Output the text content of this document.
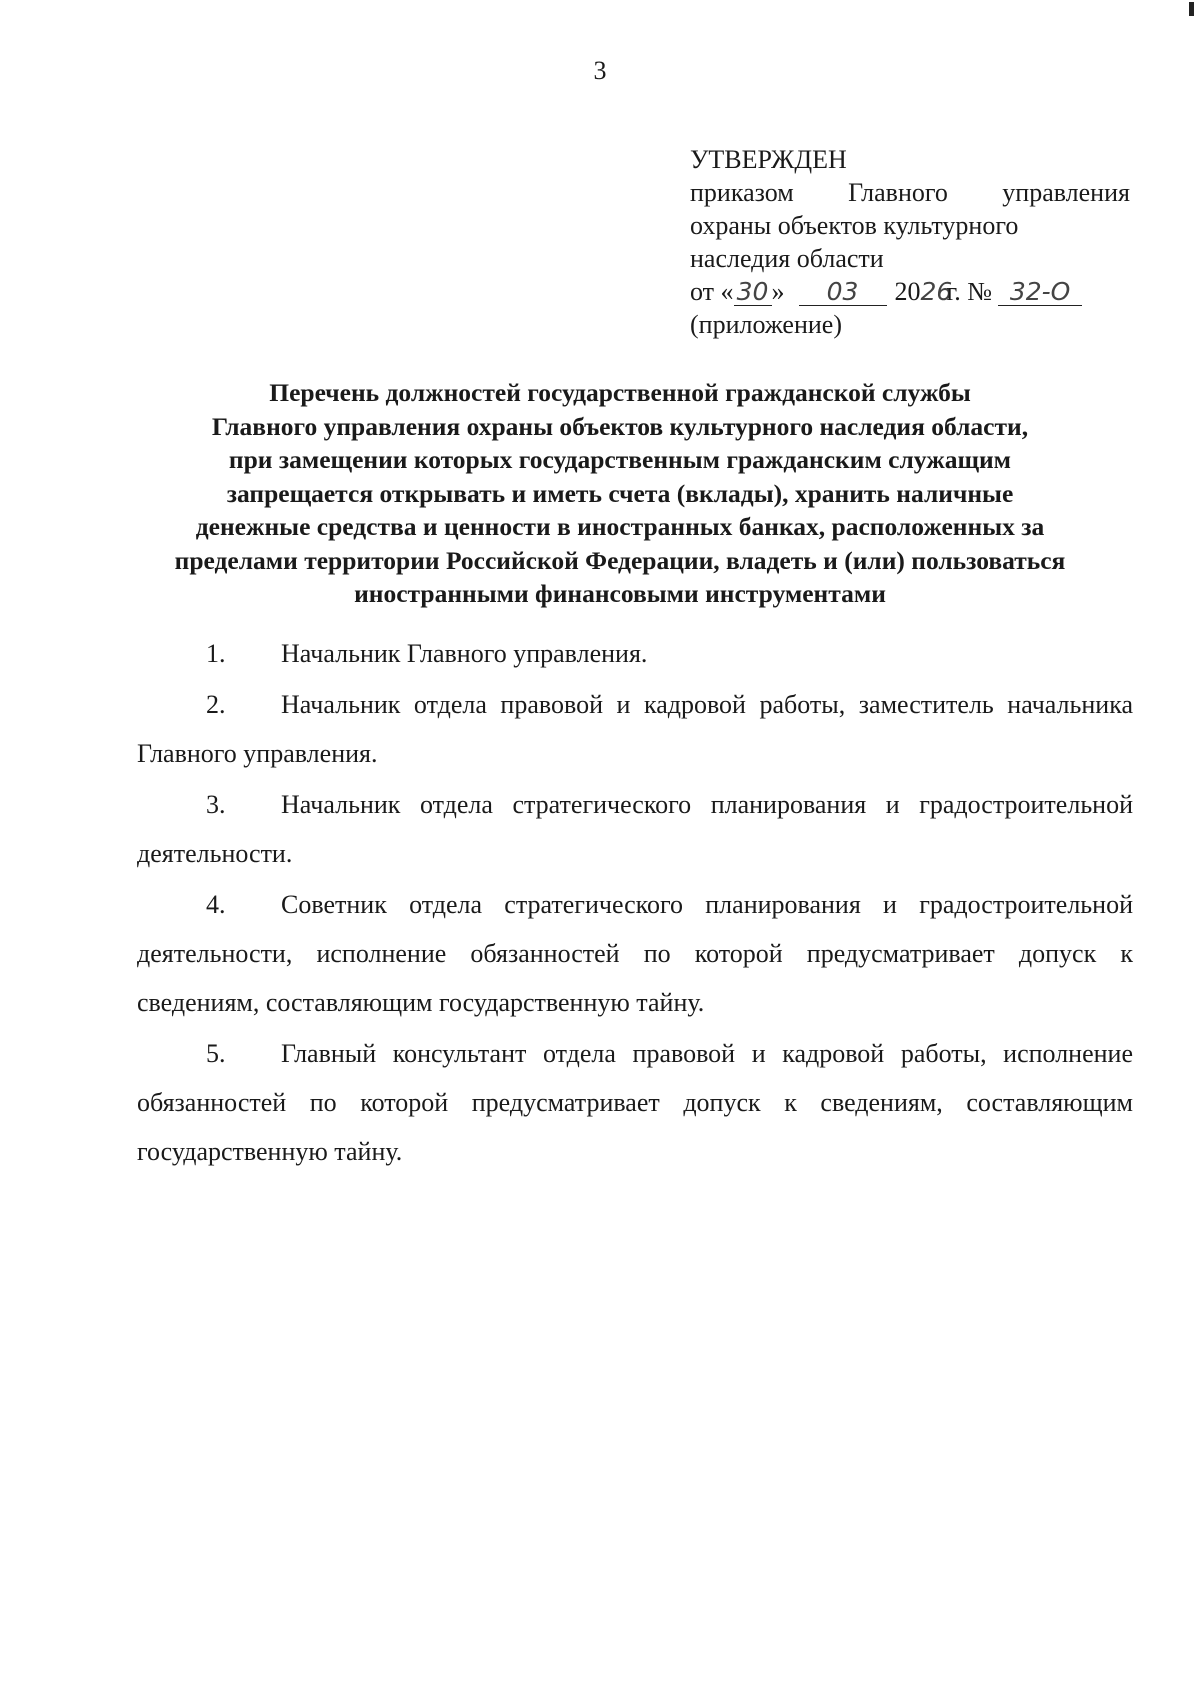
3
УТВЕРЖДЕН
приказом Главного управления
охраны объектов культурного
наследия области
от « 30 »	03	20 26
г. № 32-О
(приложение)
Перечень должностей государственной гражданской службы
Главного управления охраны объектов культурного наследия области,
при замещении которых государственным гражданским служащим
запрещается открывать и иметь счета (вклады), хранить наличные
денежные средства и ценности в иностранных банках, расположенных за
пределами территории Российской Федерации, владеть и (или) пользоваться
иностранными финансовыми инструментами
1. Начальник Главного управления.
2. Начальник отдела правовой и кадровой работы, заместитель начальника Главного управления.
3. Начальник отдела стратегического планирования и градостроительной деятельности.
4. Советник отдела стратегического планирования и градостроительной деятельности, исполнение обязанностей по которой предусматривает допуск к сведениям, составляющим государственную тайну.
5. Главный консультант отдела правовой и кадровой работы, исполнение обязанностей по которой предусматривает допуск к сведениям, составляющим государственную тайну.
